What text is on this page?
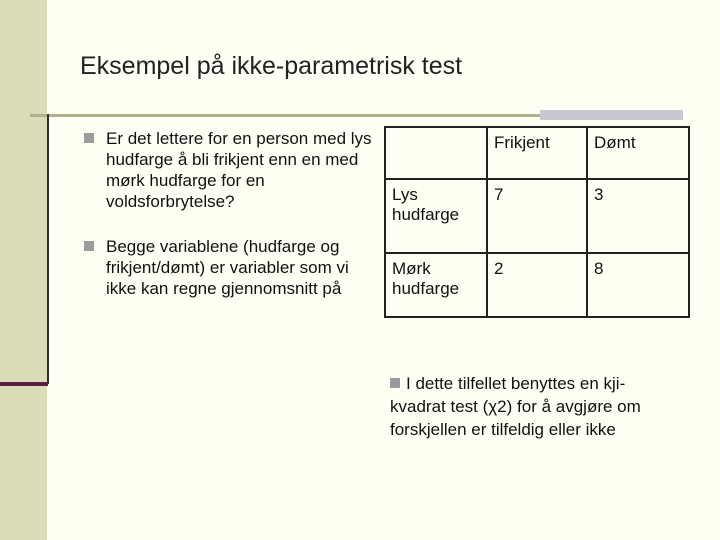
Eksempel på ikke-parametrisk test
Er det lettere for en person med lys hudfarge å bli frikjent enn en med mørk hudfarge for en voldsforbrytelse?
Begge variablene (hudfarge og frikjent/dømt) er variabler som vi ikke kan regne gjennomsnitt på
	Frikjent	Dømt
Lys hudfarge	7	3
Mørk hudfarge	2	8
I dette tilfellet benyttes en kji-kvadrat test (χ2) for å avgjøre om forskjellen er tilfeldig eller ikke
